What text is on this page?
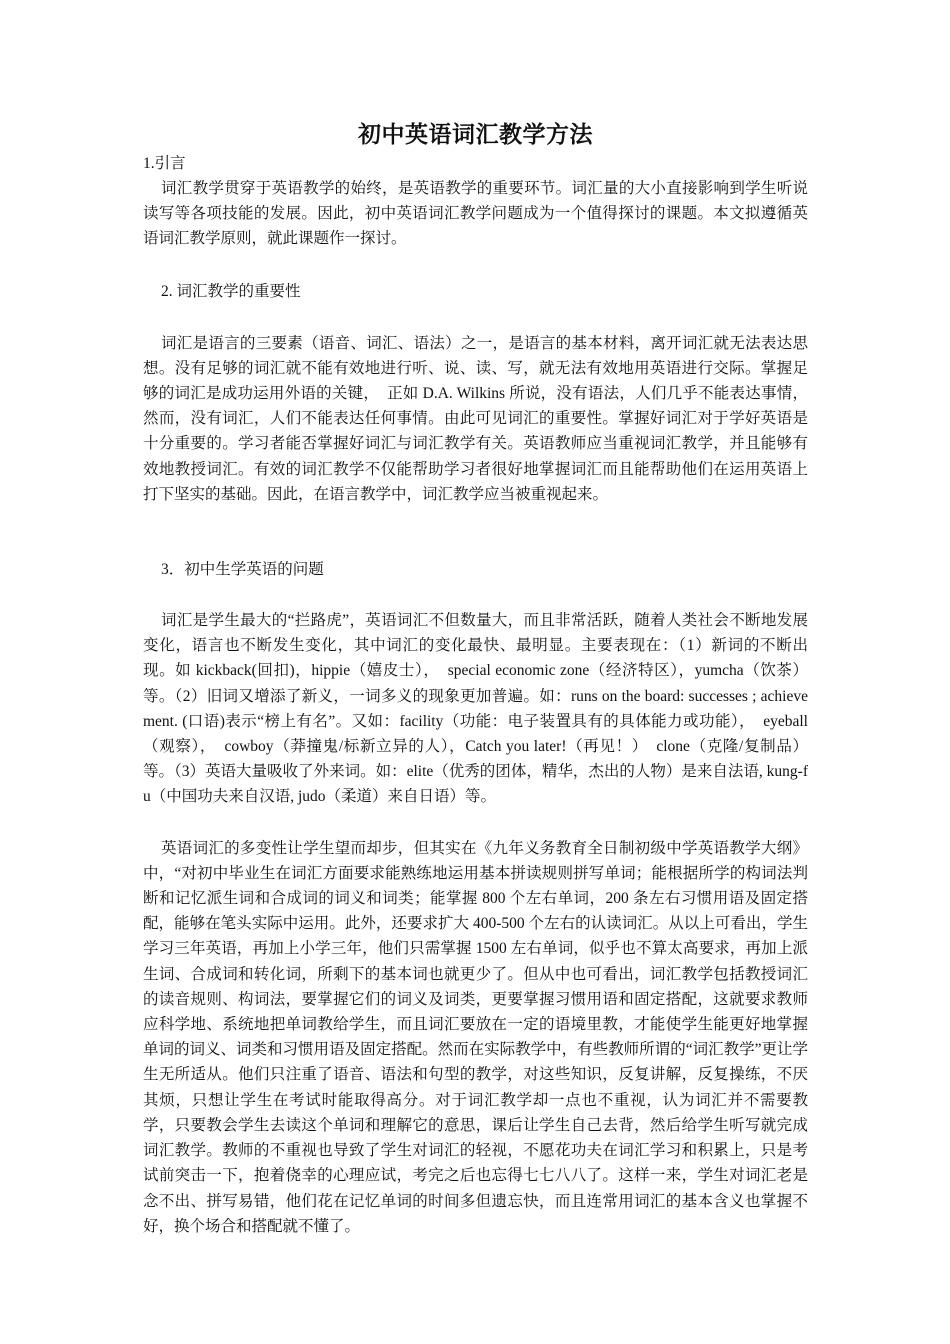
初中英语词汇教学方法
1.引言

词汇教学贯穿于英语教学的始终，是英语教学的重要环节。词汇量的大小直接影响到学生听说读写等各项技能的发展。因此，初中英语词汇教学问题成为一个值得探讨的课题。本文拟遵循英语词汇教学原则，就此课题作一探讨。

2. 词汇教学的重要性

词汇是语言的三要素（语音、词汇、语法）之一，是语言的基本材料，离开词汇就无法表达思想。没有足够的词汇就不能有效地进行听、说、读、写，就无法有效地用英语进行交际。掌握足够的词汇是成功运用外语的关键，　正如 D.A. Wilkins 所说，没有语法，人们几乎不能表达事情，然而，没有词汇，人们不能表达任何事情。由此可见词汇的重要性。掌握好词汇对于学好英语是十分重要的。学习者能否掌握好词汇与词汇教学有关。英语教师应当重视词汇教学，并且能够有效地教授词汇。有效的词汇教学不仅能帮助学习者很好地掌握词汇而且能帮助他们在运用英语上打下坚实的基础。因此，在语言教学中，词汇教学应当被重视起来。

3．初中生学英语的问题

词汇是学生最大的“拦路虎”，英语词汇不但数量大，而且非常活跃，随着人类社会不断地发展变化，语言也不断发生变化，其中词汇的变化最快、最明显。主要表现在：（1）新词的不断出现。如 kickback(回扣)，hippie（嬉皮士），　special economic zone（经济特区），yumcha（饮茶）等。（2）旧词又增添了新义，一词多义的现象更加普遍。如：runs on the board: successes ; achievement. (口语)表示“榜上有名”。又如：facility（功能：电子装置具有的具体能力或功能），　eyeball（观察），　cowboy（莽撞鬼/标新立异的人），Catch you later!（再见！）　clone（克隆/复制品）等。（3）英语大量吸收了外来词。如：elite（优秀的团体，精华，杰出的人物）是来自法语, kung-fu（中国功夫来自汉语, judo（柔道）来自日语）等。

英语词汇的多变性让学生望而却步，但其实在《九年义务教育全日制初级中学英语教学大纲》中，“对初中毕业生在词汇方面要求能熟练地运用基本拼读规则拼写单词；能根据所学的构词法判断和记忆派生词和合成词的词义和词类；能掌握 800 个左右单词，200 条左右习惯用语及固定搭配，能够在笔头实际中运用。此外，还要求扩大 400-500 个左右的认读词汇。从以上可看出，学生学习三年英语，再加上小学三年，他们只需掌握 1500 左右单词，似乎也不算太高要求，再加上派生词、合成词和转化词，所剩下的基本词也就更少了。但从中也可看出，词汇教学包括教授词汇的读音规则、构词法，要掌握它们的词义及词类，更要掌握习惯用语和固定搭配，这就要求教师应科学地、系统地把单词教给学生，而且词汇要放在一定的语境里教，才能使学生能更好地掌握单词的词义、词类和习惯用语及固定搭配。然而在实际教学中，有些教师所谓的“词汇教学”更让学生无所适从。他们只注重了语音、语法和句型的教学，对这些知识，反复讲解，反复操练，不厌其烦，只想让学生在考试时能取得高分。对于词汇教学却一点也不重视，认为词汇并不需要教学，只要教会学生去读这个单词和理解它的意思，课后让学生自己去背，然后给学生听写就完成词汇教学。教师的不重视也导致了学生对词汇的轻视，不愿花功夫在词汇学习和积累上，只是考试前突击一下，抱着侥幸的心理应试，考完之后也忘得七七八八了。这样一来，学生对词汇老是念不出、拼写易错，他们花在记忆单词的时间多但遗忘快，而且连常用词汇的基本含义也掌握不好，换个场合和搭配就不懂了。
